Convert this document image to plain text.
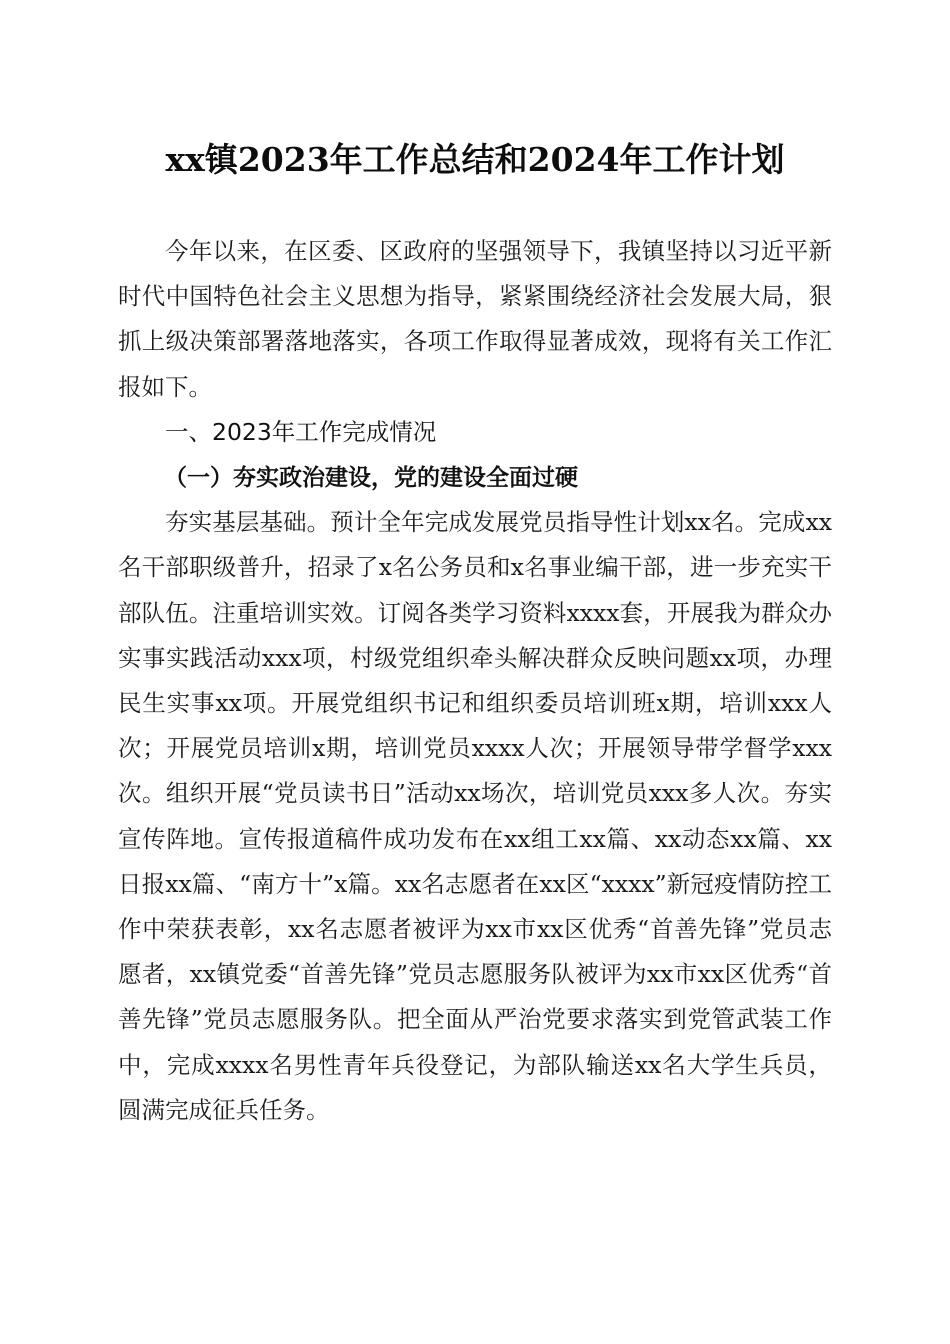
xx镇2023年工作总结和2024年工作计划

今年以来，在区委、区政府的坚强领导下，我镇坚持以习近平新时代中国特色社会主义思想为指导，紧紧围绕经济社会发展大局，狠抓上级决策部署落地落实，各项工作取得显著成效，现将有关工作汇报如下。

一、2023年工作完成情况

（一）夯实政治建设，党的建设全面过硬

夯实基层基础。预计全年完成发展党员指导性计划xx名。完成xx名干部职级普升，招录了x名公务员和x名事业编干部，进一步充实干部队伍。注重培训实效。订阅各类学习资料xxxx套，开展我为群众办实事实践活动xxx项，村级党组织牵头解决群众反映问题xx项，办理民生实事xx项。开展党组织书记和组织委员培训班x期，培训xxx人次；开展党员培训x期，培训党员xxxx人次；开展领导带学督学xxx次。组织开展“党员读书日”活动xx场次，培训党员xxx多人次。夯实宣传阵地。宣传报道稿件成功发布在xx组工xx篇、xx动态xx篇、xx日报xx篇、“南方十”x篇。xx名志愿者在xx区“xxxx”新冠疫情防控工作中荣获表彰，xx名志愿者被评为xx市xx区优秀“首善先锋”党员志愿者，xx镇党委“首善先锋”党员志愿服务队被评为xx市xx区优秀“首善先锋”党员志愿服务队。把全面从严治党要求落实到党管武装工作中，完成xxxx名男性青年兵役登记，为部队输送xx名大学生兵员，圆满完成征兵任务。
